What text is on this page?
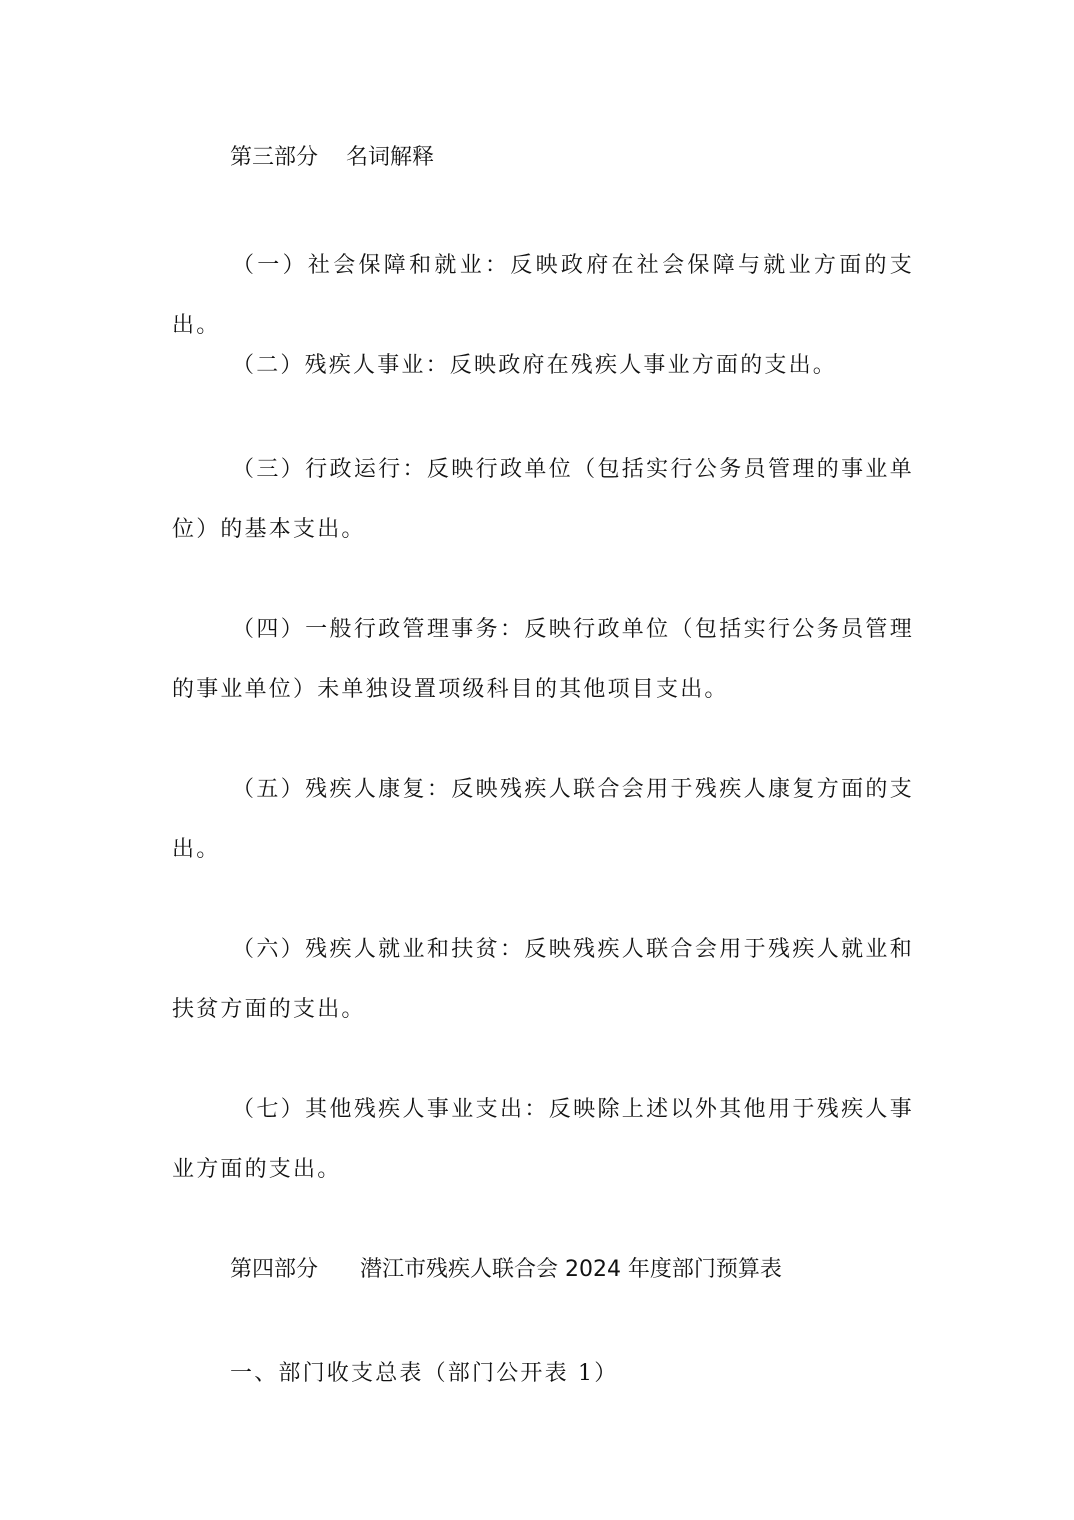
第三部分    名词解释

（一）社会保障和就业：反映政府在社会保障与就业方面的支出。

（二）残疾人事业：反映政府在残疾人事业方面的支出。

（三）行政运行：反映行政单位（包括实行公务员管理的事业单位）的基本支出。

（四）一般行政管理事务：反映行政单位（包括实行公务员管理的事业单位）未单独设置项级科目的其他项目支出。

（五）残疾人康复：反映残疾人联合会用于残疾人康复方面的支出。

（六）残疾人就业和扶贫：反映残疾人联合会用于残疾人就业和扶贫方面的支出。

（七）其他残疾人事业支出：反映除上述以外其他用于残疾人事业方面的支出。

第四部分      潜江市残疾人联合会 2024 年度部门预算表

一、部门收支总表（部门公开表 1）
